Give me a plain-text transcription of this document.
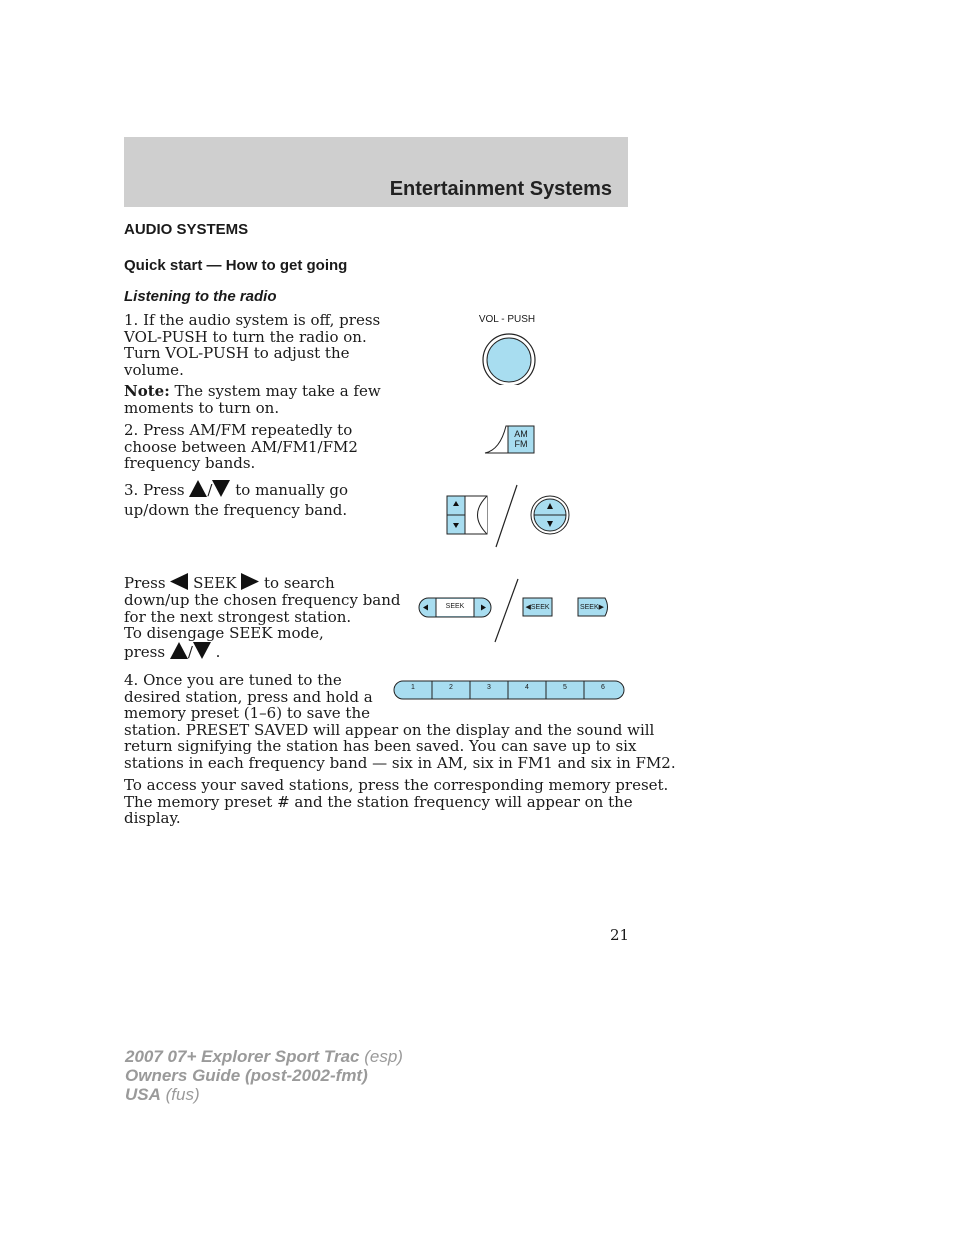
Entertainment Systems
AUDIO SYSTEMS
Quick start — How to get going
Listening to the radio
1. If the audio system is off, press
VOL-PUSH to turn the radio on.
Turn VOL-PUSH to adjust the
volume.
Note: The system may take a few
moments to turn on.
2. Press AM/FM repeatedly to
choose between AM/FM1/FM2
frequency bands.
3. Press / to manually go
up/down the frequency band.
Press  SEEK  to search
down/up the chosen frequency band
for the next strongest station.
To disengage SEEK mode,
press / .
4. Once you are tuned to the
desired station, press and hold a
memory preset (1–6) to save the
station. PRESET SAVED will appear on the display and the sound will
return signifying the station has been saved. You can save up to six
stations in each frequency band — six in AM, six in FM1 and six in FM2.
To access your saved stations, press the corresponding memory preset.
The memory preset # and the station frequency will appear on the
display.
VOL - PUSH
AM
FM
SEEK	◀SEEK	SEEK▶
1	2	3	4	5	6
21
2007 07+ Explorer Sport Trac (esp)
Owners Guide (post-2002-fmt)
USA (fus)
